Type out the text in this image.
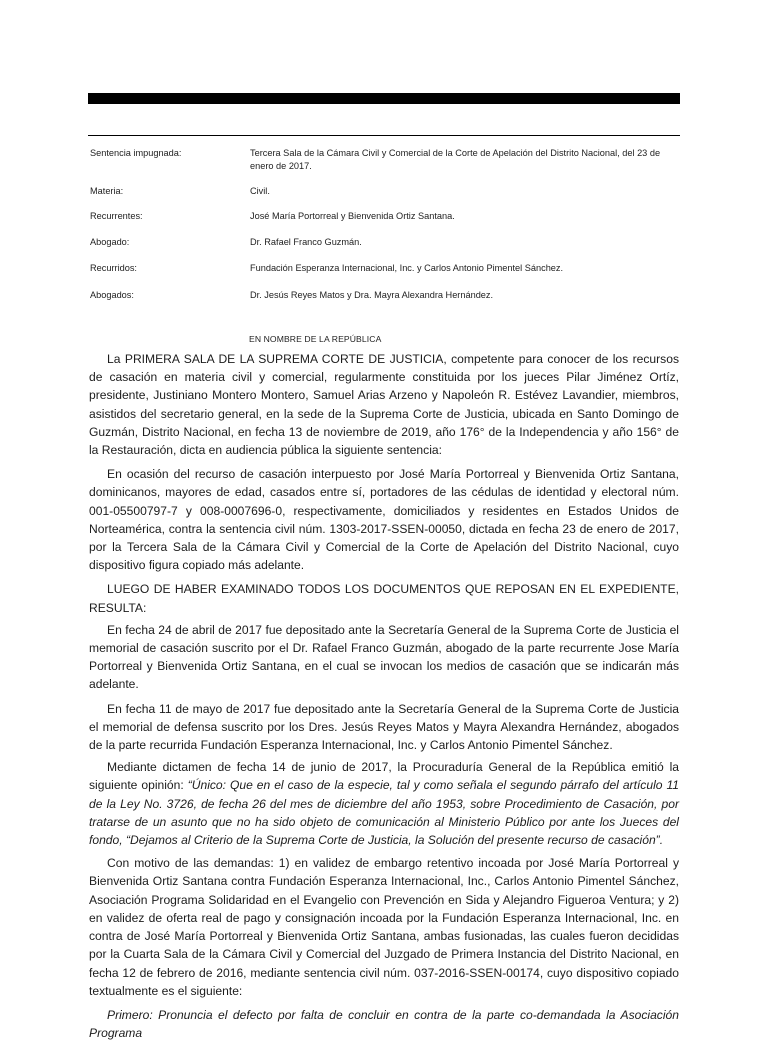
Sentencia impugnada:	Tercera Sala de la Cámara Civil y Comercial de la Corte de Apelación del Distrito Nacional, del 23 de enero de 2017.
Materia:	Civil.
Recurrentes:	José María Portorreal y Bienvenida Ortiz Santana.
Abogado:	Dr. Rafael Franco Guzmán.
Recurridos:	Fundación Esperanza Internacional, Inc. y Carlos Antonio Pimentel Sánchez.
Abogados:	Dr. Jesús Reyes Matos y Dra. Mayra Alexandra Hernández.
EN NOMBRE DE LA REPÚBLICA

La PRIMERA SALA DE LA SUPREMA CORTE DE JUSTICIA, competente para conocer de los recursos de casación en materia civil y comercial, regularmente constituida por los jueces Pilar Jiménez Ortíz, presidente, Justiniano Montero Montero, Samuel Arias Arzeno y Napoleón R. Estévez Lavandier, miembros, asistidos del secretario general, en la sede de la Suprema Corte de Justicia, ubicada en Santo Domingo de Guzmán, Distrito Nacional, en fecha 13 de noviembre de 2019, año 176° de la Independencia y año 156° de la Restauración, dicta en audiencia pública la siguiente sentencia:

En ocasión del recurso de casación interpuesto por José María Portorreal y Bienvenida Ortiz Santana, dominicanos, mayores de edad, casados entre sí, portadores de las cédulas de identidad y electoral núm. 001-05500797-7 y 008-0007696-0, respectivamente, domiciliados y residentes en Estados Unidos de Norteamérica, contra la sentencia civil núm. 1303-2017-SSEN-00050, dictada en fecha 23 de enero de 2017, por la Tercera Sala de la Cámara Civil y Comercial de la Corte de Apelación del Distrito Nacional, cuyo dispositivo figura copiado más adelante.

LUEGO DE HABER EXAMINADO TODOS LOS DOCUMENTOS QUE REPOSAN EN EL EXPEDIENTE, RESULTA:

En fecha 24 de abril de 2017 fue depositado ante la Secretaría General de la Suprema Corte de Justicia el memorial de casación suscrito por el Dr. Rafael Franco Guzmán, abogado de la parte recurrente Jose María Portorreal y Bienvenida Ortiz Santana, en el cual se invocan los medios de casación que se indicarán más adelante.

En fecha 11 de mayo de 2017 fue depositado ante la Secretaría General de la Suprema Corte de Justicia el memorial de defensa suscrito por los Dres. Jesús Reyes Matos y Mayra Alexandra Hernández, abogados de la parte recurrida Fundación Esperanza Internacional, Inc. y Carlos Antonio Pimentel Sánchez.

Mediante dictamen de fecha 14 de junio de 2017, la Procuraduría General de la República emitió la siguiente opinión: “Único: Que en el caso de la especie, tal y como señala el segundo párrafo del artículo 11 de la Ley No. 3726, de fecha 26 del mes de diciembre del año 1953, sobre Procedimiento de Casación, por tratarse de un asunto que no ha sido objeto de comunicación al Ministerio Público por ante los Jueces del fondo, “Dejamos al Criterio de la Suprema Corte de Justicia, la Solución del presente recurso de casación”.

Con motivo de las demandas: 1) en validez de embargo retentivo incoada por José María Portorreal y Bienvenida Ortiz Santana contra Fundación Esperanza Internacional, Inc., Carlos Antonio Pimentel Sánchez, Asociación Programa Solidaridad en el Evangelio con Prevención en Sida y Alejandro Figueroa Ventura; y 2) en validez de oferta real de pago y consignación incoada por la Fundación Esperanza Internacional, Inc. en contra de José María Portorreal y Bienvenida Ortiz Santana, ambas fusionadas, las cuales fueron decididas por la Cuarta Sala de la Cámara Civil y Comercial del Juzgado de Primera Instancia del Distrito Nacional, en fecha 12 de febrero de 2016, mediante sentencia civil núm. 037-2016-SSEN-00174, cuyo dispositivo copiado textualmente es el siguiente:

Primero: Pronuncia el defecto por falta de concluir en contra de la parte co-demandada la Asociación Programa
